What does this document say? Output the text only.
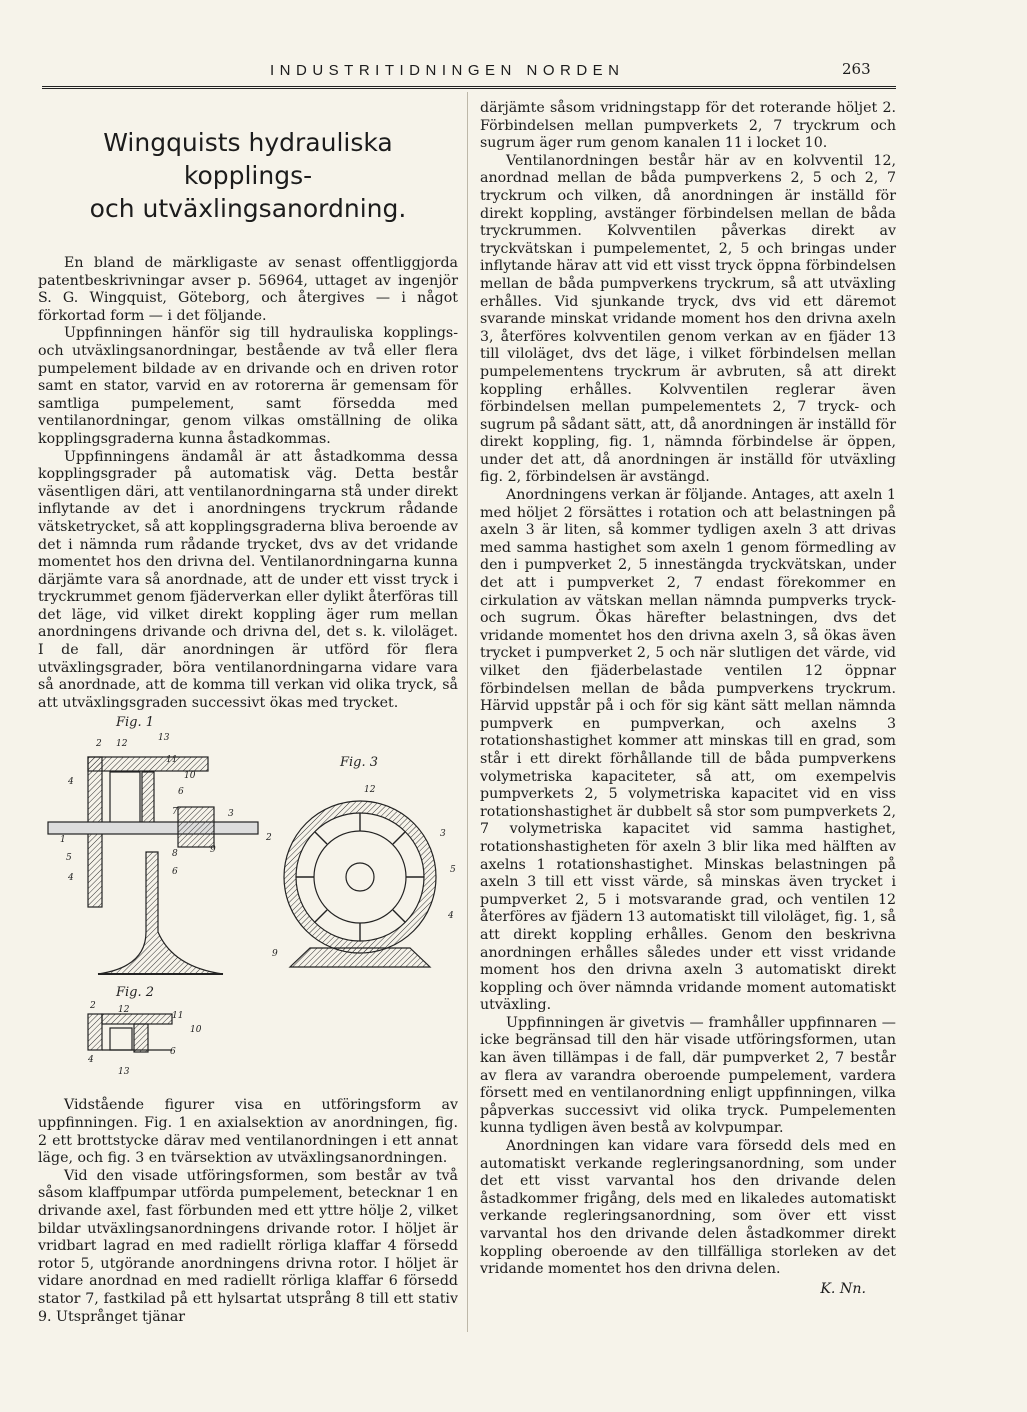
INDUSTRITIDNINGEN NORDEN	263
Wingquists hydrauliska kopplings-
och utväxlingsanordning.

En bland de märkligaste av senast offentliggjorda patentbeskrivningar avser p. 56964, uttaget av ingenjör S. G. Wingquist, Göteborg, och återgives — i något förkortad form — i det följande.

Uppfinningen hänför sig till hydrauliska kopplings- och utväxlingsanordningar, bestående av två eller flera pumpelement bildade av en drivande och en driven rotor samt en stator, varvid en av rotorerna är gemensam för samtliga pumpelement, samt försedda med ventilanordningar, genom vilkas omställning de olika kopplingsgraderna kunna åstadkommas.

Uppfinningens ändamål är att åstadkomma dessa kopplingsgrader på automatisk väg. Detta består väsentligen däri, att ventilanordningarna stå under direkt inflytande av det i anordningens tryckrum rådande vätsketrycket, så att kopplingsgraderna bliva beroende av det i nämnda rum rådande trycket, dvs av det vridande momentet hos den drivna del. Ventilanordningarna kunna därjämte vara så anordnade, att de under ett visst tryck i tryckrummet genom fjäderverkan eller dylikt återföras till det läge, vid vilket direkt koppling äger rum mellan anordningens drivande och drivna del, det s. k. viloläget. I de fall, där anordningen är utförd för flera utväxlingsgrader, böra ventilanordningarna vidare vara så anordnade, att de komma till verkan vid olika tryck, så att utväxlingsgraden successivt ökas med trycket.

Fig. 1
2 12
13
11
10
4
6
7	3
1
5	8	9
6
4
Fig. 2
2 12
11
10
6
4
13
Fig. 3
12
2	3
5
4
9

Vidstående figurer visa en utföringsform av uppfinningen. Fig. 1 en axialsektion av anordningen, fig. 2 ett brottstycke därav med ventilanordningen i ett annat läge, och fig. 3 en tvärsektion av utväxlingsanordningen.

Vid den visade utföringsformen, som består av två såsom klaffpumpar utförda pumpelement, betecknar 1 en drivande axel, fast förbunden med ett yttre hölje 2, vilket bildar utväxlingsanordningens drivande rotor. I höljet är vridbart lagrad en med radiellt rörliga klaffar 4 försedd rotor 5, utgörande anordningens drivna rotor. I höljet är vidare anordnad en med radiellt rörliga klaffar 6 försedd stator 7, fastkilad på ett hylsartat utsprång 8 till ett stativ 9. Utsprånget tjänar

därjämte såsom vridningstapp för det roterande höljet 2. Förbindelsen mellan pumpverkets 2, 7 tryckrum och sugrum äger rum genom kanalen 11 i locket 10.

Ventilanordningen består här av en kolvventil 12, anordnad mellan de båda pumpverkens 2, 5 och 2, 7 tryckrum och vilken, då anordningen är inställd för direkt koppling, avstänger förbindelsen mellan de båda tryckrummen. Kolvventilen påverkas direkt av tryckvätskan i pumpelementet, 2, 5 och bringas under inflytande härav att vid ett visst tryck öppna förbindelsen mellan de båda pumpverkens tryckrum, så att utväxling erhålles. Vid sjunkande tryck, dvs vid ett däremot svarande minskat vridande moment hos den drivna axeln 3, återföres kolvventilen genom verkan av en fjäder 13 till viloläget, dvs det läge, i vilket förbindelsen mellan pumpelementens tryckrum är avbruten, så att direkt koppling erhålles. Kolvventilen reglerar även förbindelsen mellan pumpelementets 2, 7 tryck- och sugrum på sådant sätt, att, då anordningen är inställd för direkt koppling, fig. 1, nämnda förbindelse är öppen, under det att, då anordningen är inställd för utväxling fig. 2, förbindelsen är avstängd.

Anordningens verkan är följande. Antages, att axeln 1 med höljet 2 försättes i rotation och att belastningen på axeln 3 är liten, så kommer tydligen axeln 3 att drivas med samma hastighet som axeln 1 genom förmedling av den i pumpverket 2, 5 innestängda tryckvätskan, under det att i pumpverket 2, 7 endast förekommer en cirkulation av vätskan mellan nämnda pumpverks tryck- och sugrum. Ökas härefter belastningen, dvs det vridande momentet hos den drivna axeln 3, så ökas även trycket i pumpverket 2, 5 och när slutligen det värde, vid vilket den fjäderbelastade ventilen 12 öppnar förbindelsen mellan de båda pumpverkens tryckrum. Härvid uppstår på i och för sig känt sätt mellan nämnda pumpverk en pumpverkan, och axelns 3 rotationshastighet kommer att minskas till en grad, som står i ett direkt förhållande till de båda pumpverkens volymetriska kapaciteter, så att, om exempelvis pumpverkets 2, 5 volymetriska kapacitet vid en viss rotationshastighet är dubbelt så stor som pumpverkets 2, 7 volymetriska kapacitet vid samma hastighet, rotationshastigheten för axeln 3 blir lika med hälften av axelns 1 rotationshastighet. Minskas belastningen på axeln 3 till ett visst värde, så minskas även trycket i pumpverket 2, 5 i motsvarande grad, och ventilen 12 återföres av fjädern 13 automatiskt till viloläget, fig. 1, så att direkt koppling erhålles. Genom den beskrivna anordningen erhålles således under ett visst vridande moment hos den drivna axeln 3 automatiskt direkt koppling och över nämnda vridande moment automatiskt utväxling.

Uppfinningen är givetvis — framhåller uppfinnaren — icke begränsad till den här visade utföringsformen, utan kan även tillämpas i de fall, där pumpverket 2, 7 består av flera av varandra oberoende pumpelement, vardera försett med en ventilanordning enligt uppfinningen, vilka påpverkas successivt vid olika tryck. Pumpelementen kunna tydligen även bestå av kolvpumpar.

Anordningen kan vidare vara försedd dels med en automatiskt verkande regleringsanordning, som under det ett visst varvantal hos den drivande delen åstadkommer frigång, dels med en likaledes automatiskt verkande regleringsanordning, som över ett visst varvantal hos den drivande delen åstadkommer direkt koppling oberoende av den tillfälliga storleken av det vridande momentet hos den drivna delen.

K. Nn.
